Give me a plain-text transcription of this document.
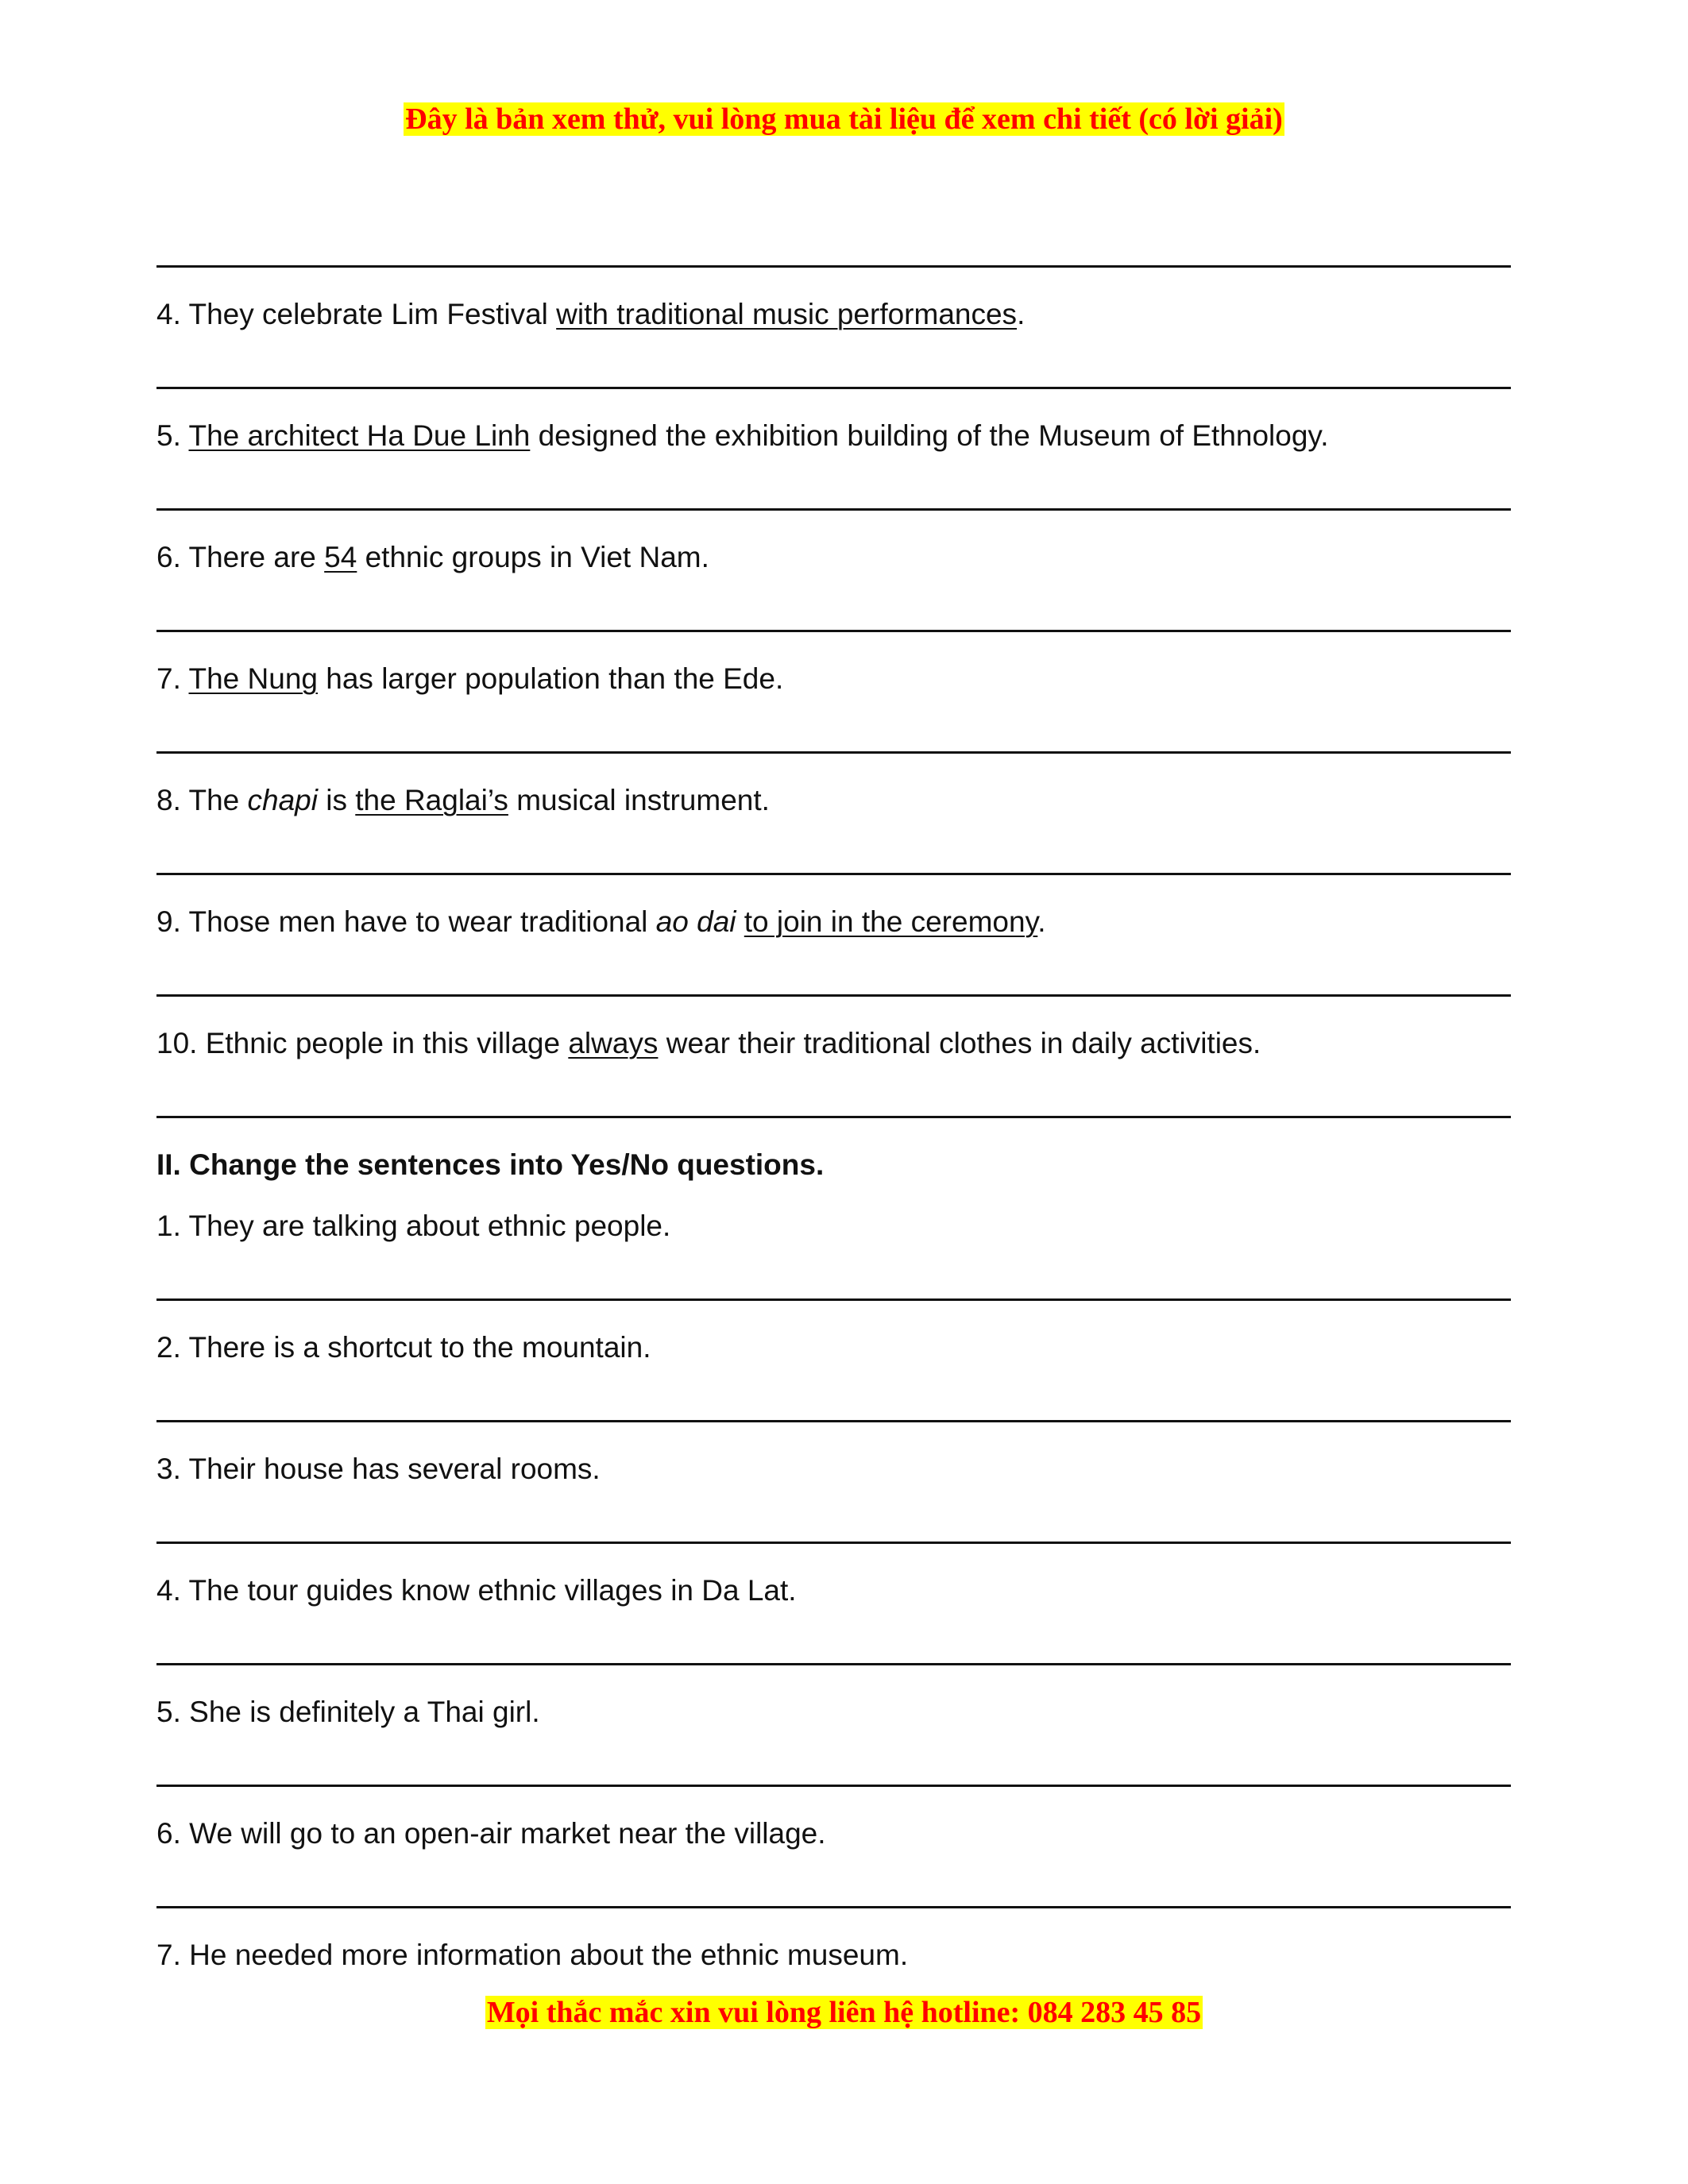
Đây là bản xem thử, vui lòng mua tài liệu để xem chi tiết (có lời giải)
4. They celebrate Lim Festival with traditional music performances.
5. The architect Ha Due Linh designed the exhibition building of the Museum of Ethnology.
6. There are 54 ethnic groups in Viet Nam.
7. The Nung has larger population than the Ede.
8. The chapi is the Raglai’s musical instrument.
9. Those men have to wear traditional ao dai to join in the ceremony.
10. Ethnic people in this village always wear their traditional clothes in daily activities.
II. Change the sentences into Yes/No questions.
1. They are talking about ethnic people.
2. There is a shortcut to the mountain.
3. Their house has several rooms.
4. The tour guides know ethnic villages in Da Lat.
5. She is definitely a Thai girl.
6. We will go to an open-air market near the village.
7. He needed more information about the ethnic museum.
Mọi thắc mắc xin vui lòng liên hệ hotline: 084 283 45 85
